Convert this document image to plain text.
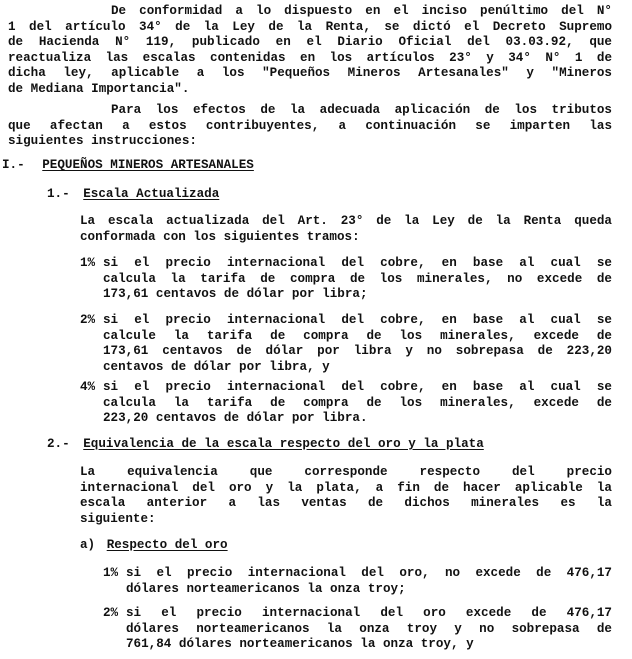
De conformidad a lo dispuesto en el inciso penúltimo del N°
1 del artículo 34° de la Ley de la Renta, se dictó el Decreto Supremo
de Hacienda N° 119, publicado en el Diario Oficial del 03.03.92, que
reactualiza las escalas contenidas en los artículos 23° y 34° N° 1 de
dicha ley, aplicable a los "Pequeños Mineros Artesanales" y "Mineros
de Mediana Importancia".
Para los efectos de la adecuada aplicación de los tributos
que afectan a estos contribuyentes, a continuación se imparten las
siguientes instrucciones:
I.- PEQUEÑOS MINEROS ARTESANALES
1.- Escala Actualizada
La escala actualizada del Art. 23° de la Ley de la Renta queda
conformada con los siguientes tramos:
1% si el precio internacional del cobre, en base al cual se
calcula la tarifa de compra de los minerales, no excede de
173,61 centavos de dólar por libra;
2% si el precio internacional del cobre, en base al cual se
calcule la tarifa de compra de los minerales, excede de
173,61 centavos de dólar por libra y no sobrepasa de 223,20
centavos de dólar por libra, y
4% si el precio internacional del cobre, en base al cual se
calcula la tarifa de compra de los minerales, excede de
223,20 centavos de dólar por libra.
2.- Equivalencia de la escala respecto del oro y la plata
La equivalencia que corresponde respecto del precio
internacional del oro y la plata, a fin de hacer aplicable la
escala anterior a las ventas de dichos minerales es la
siguiente:
a) Respecto del oro
1% si el precio internacional del oro, no excede de 476,17
dólares norteamericanos la onza troy;
2% si el precio internacional del oro excede de 476,17
dólares norteamericanos la onza troy y no sobrepasa de
761,84 dólares norteamericanos la onza troy, y
